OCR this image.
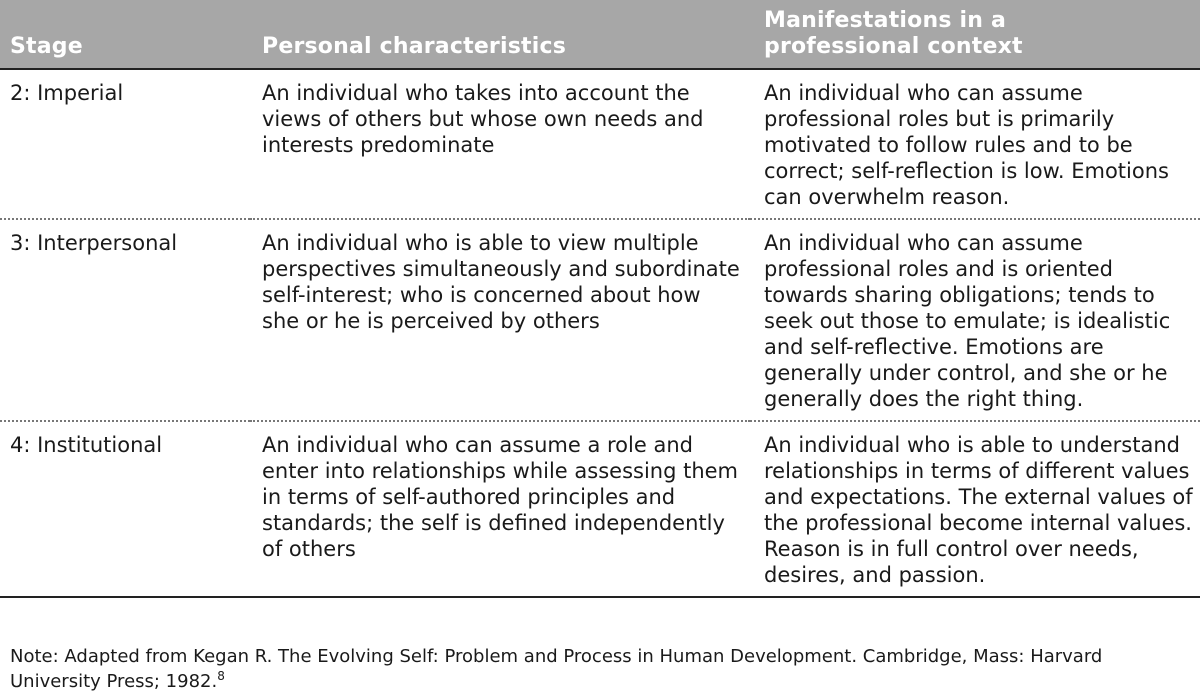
Stage	Personal characteristics	Manifestations in a
professional context
2: Imperial	An individual who takes into account the views of others but whose own needs and interests predominate	An individual who can assume professional roles but is primarily motivated to follow rules and to be correct; self-reflection is low. Emotions can overwhelm reason.
3: Interpersonal	An individual who is able to view multiple perspectives simultaneously and subordinate self-interest; who is concerned about how she or he is perceived by others	An individual who can assume professional roles and is oriented towards sharing obligations; tends to seek out those to emulate; is idealistic and self-reflective. Emotions are generally under control, and she or he generally does the right thing.
4: Institutional	An individual who can assume a role and enter into relationships while assessing them in terms of self-authored principles and standards; the self is defined independently of others	An individual who is able to understand relationships in terms of different values and expectations. The external values of the professional become internal values. Reason is in full control over needs, desires, and passion.
Note: Adapted from Kegan R. The Evolving Self: Problem and Process in Human Development. Cambridge, Mass: Harvard University Press; 1982.$^8$
